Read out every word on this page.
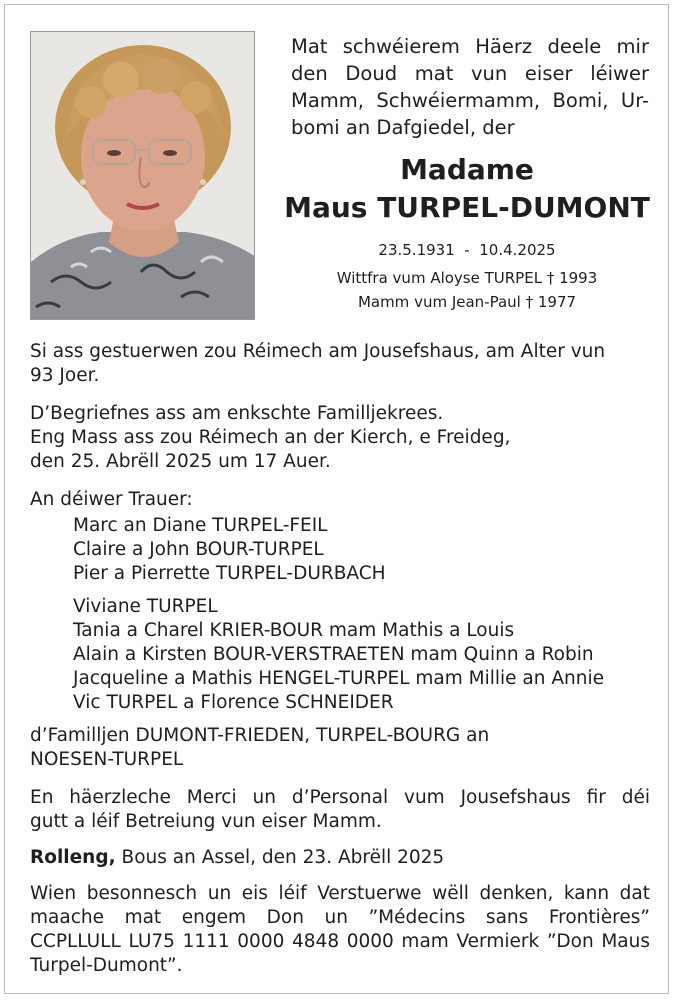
Mat schwéierem Häerz deele mir
den Doud mat vun eiser léiwer
Mamm, Schwéiermamm, Bomi, Ur-
bomi an Dafgiedel, der
Madame
Maus TURPEL-DUMONT
23.5.1931  -  10.4.2025
Wittfra vum Aloyse TURPEL † 1993
Mamm vum Jean-Paul † 1977
Si ass gestuerwen zou Réimech am Jousefshaus, am Alter vun
93 Joer.
D’Begriefnes ass am enkschte Familljekrees.
Eng Mass ass zou Réimech an der Kierch, e Freideg,
den 25. Abrëll 2025 um 17 Auer.
An déiwer Trauer:
Marc an Diane TURPEL-FEIL
Claire a John BOUR-TURPEL
Pier a Pierrette TURPEL-DURBACH
Viviane TURPEL
Tania a Charel KRIER-BOUR mam Mathis a Louis
Alain a Kirsten BOUR-VERSTRAETEN mam Quinn a Robin
Jacqueline a Mathis HENGEL-TURPEL mam Millie an Annie
Vic TURPEL a Florence SCHNEIDER
d’Familljen DUMONT-FRIEDEN, TURPEL-BOURG an
NOESEN-TURPEL
En häerzleche Merci un d’Personal vum Jousefshaus fir déi
gutt a léif Betreiung vun eiser Mamm.
Rolleng, Bous an Assel, den 23. Abrëll 2025
Wien besonnesch un eis léif Verstuerwe wëll denken, kann dat
maache mat engem Don un ”Médecins sans Frontières”
CCPLLULL LU75 1111 0000 4848 0000 mam Vermierk ”Don Maus
Turpel-Dumont”.
